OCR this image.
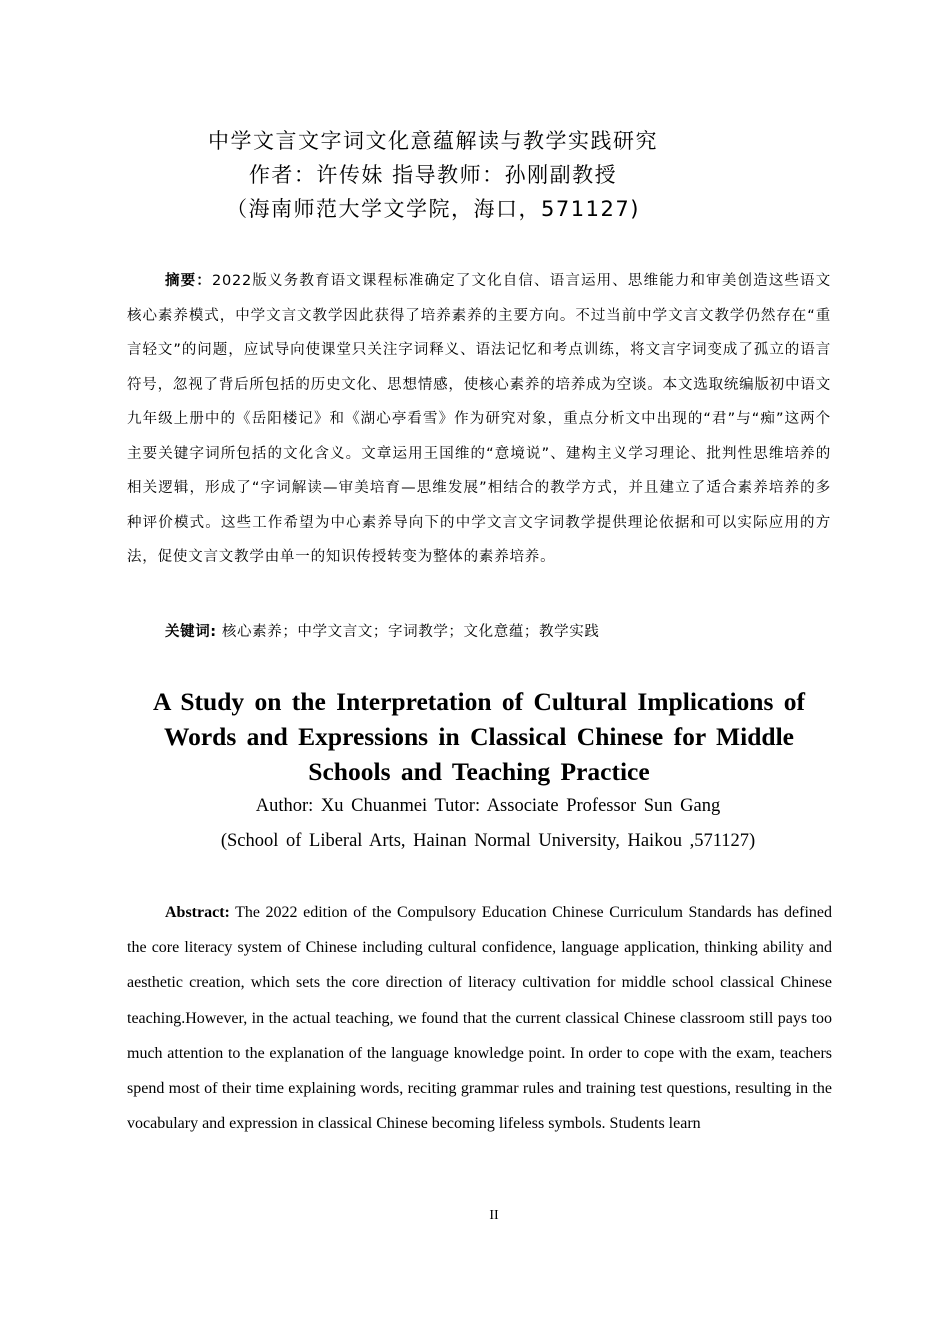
中学文言文字词文化意蕴解读与教学实践研究
作者：许传妹 指导教师：孙刚副教授
（海南师范大学文学院，海口，571127)
摘要：2022版义务教育语文课程标准确定了文化自信、语言运用、思维能力和审美创造这些语文核心素养模式，中学文言文教学因此获得了培养素养的主要方向。不过当前中学文言文教学仍然存在“重言轻文”的问题，应试导向使课堂只关注字词释义、语法记忆和考点训练，将文言字词变成了孤立的语言符号，忽视了背后所包括的历史文化、思想情感，使核心素养的培养成为空谈。本文选取统编版初中语文九年级上册中的《岳阳楼记》和《湖心亭看雪》作为研究对象，重点分析文中出现的“君”与“痴”这两个主要关键字词所包括的文化含义。文章运用王国维的“意境说”、建构主义学习理论、批判性思维培养的相关逻辑，形成了“字词解读—审美培育—思维发展”相结合的教学方式，并且建立了适合素养培养的多种评价模式。这些工作希望为中心素养导向下的中学文言文字词教学提供理论依据和可以实际应用的方法，促使文言文教学由单一的知识传授转变为整体的素养培养。
关键词: 核心素养；中学文言文；字词教学；文化意蕴；教学实践
A Study on the Interpretation of Cultural Implications of Words and Expressions in Classical Chinese for Middle Schools and Teaching Practice
Author: Xu Chuanmei Tutor: Associate Professor Sun Gang
(School of Liberal Arts, Hainan Normal University, Haikou ,571127)
Abstract: The 2022 edition of the Compulsory Education Chinese Curriculum Standards has defined the core literacy system of Chinese including cultural confidence, language application, thinking ability and aesthetic creation, which sets the core direction of literacy cultivation for middle school classical Chinese teaching.However, in the actual teaching, we found that the current classical Chinese classroom still pays too much attention to the explanation of the language knowledge point. In order to cope with the exam, teachers spend most of their time explaining words, reciting grammar rules and training test questions, resulting in the vocabulary and expression in classical Chinese becoming lifeless symbols. Students learn
II
